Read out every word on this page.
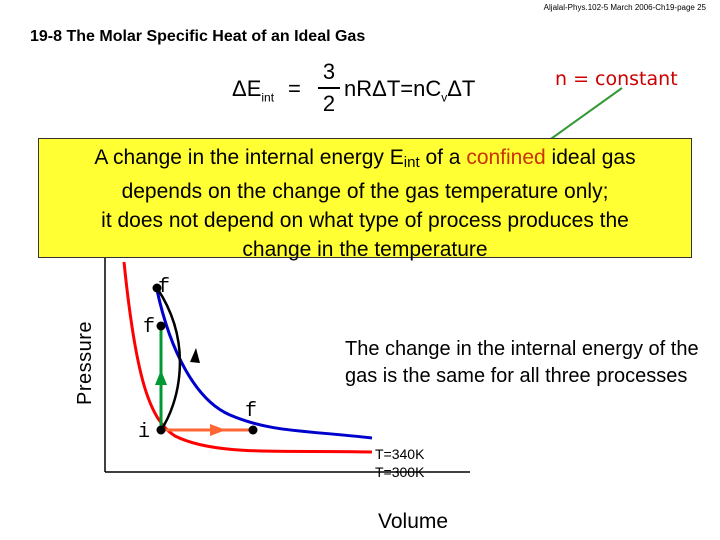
Aljalal-Phys.102-5 March 2006-Ch19-page 25
19-8 The Molar Specific Heat of an Ideal Gas
$\Delta E_{int}$ =
3
2
$nR\Delta T=nC_v\Delta T$	n = constant
A change in the internal energy $E_{int}$ of a confined ideal gas
depends on the change of the gas temperature only;
it does not depend on what type of process produces the
change in the temperature
f
f
f
i
Pressure
Volume
T=340K
T=300K
The change in the internal energy of the gas is the same for all three processes
